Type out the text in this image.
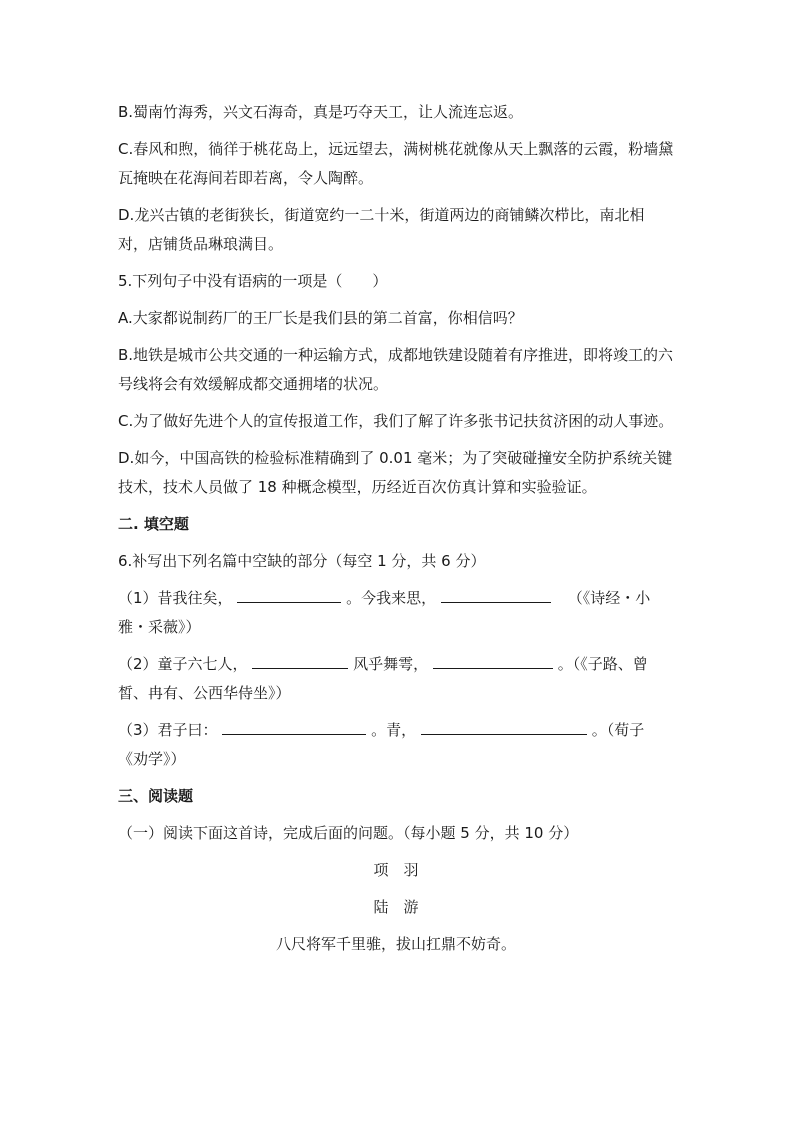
B.蜀南竹海秀，兴文石海奇，真是巧夺天工，让人流连忘返。

C.春风和煦，徜徉于桃花岛上，远远望去，满树桃花就像从天上飘落的云霞，粉墙黛瓦掩映在花海间若即若离，令人陶醉。

D.龙兴古镇的老街狭长，街道宽约一二十米，街道两边的商铺鳞次栉比，南北相对，店铺货品琳琅满目。

5.下列句子中没有语病的一项是（　　）

A.大家都说制药厂的王厂长是我们县的第二首富，你相信吗？

B.地铁是城市公共交通的一种运输方式，成都地铁建设随着有序推进，即将竣工的六号线将会有效缓解成都交通拥堵的状况。

C.为了做好先进个人的宣传报道工作，我们了解了许多张书记扶贫济困的动人事迹。

D.如今，中国高铁的检验标准精确到了 0.01 毫米；为了突破碰撞安全防护系统关键技术，技术人员做了 18 种概念模型，历经近百次仿真计算和实验验证。

二. 填空题

6.补写出下列名篇中空缺的部分（每空 1 分，共 6 分）

（1）昔我往矣，	。今我来思，	（《诗经・小雅・采薇》）

（2）童子六七人，	风乎舞雩，	。（《子路、曾皙、冉有、公西华侍坐》）

（3）君子曰：	。青，	。（荀子《劝学》）

三、阅读题

（一）阅读下面这首诗，完成后面的问题。（每小题 5 分，共 10 分）

项　羽

陆　游

八尺将军千里骓，拔山扛鼎不妨奇。
